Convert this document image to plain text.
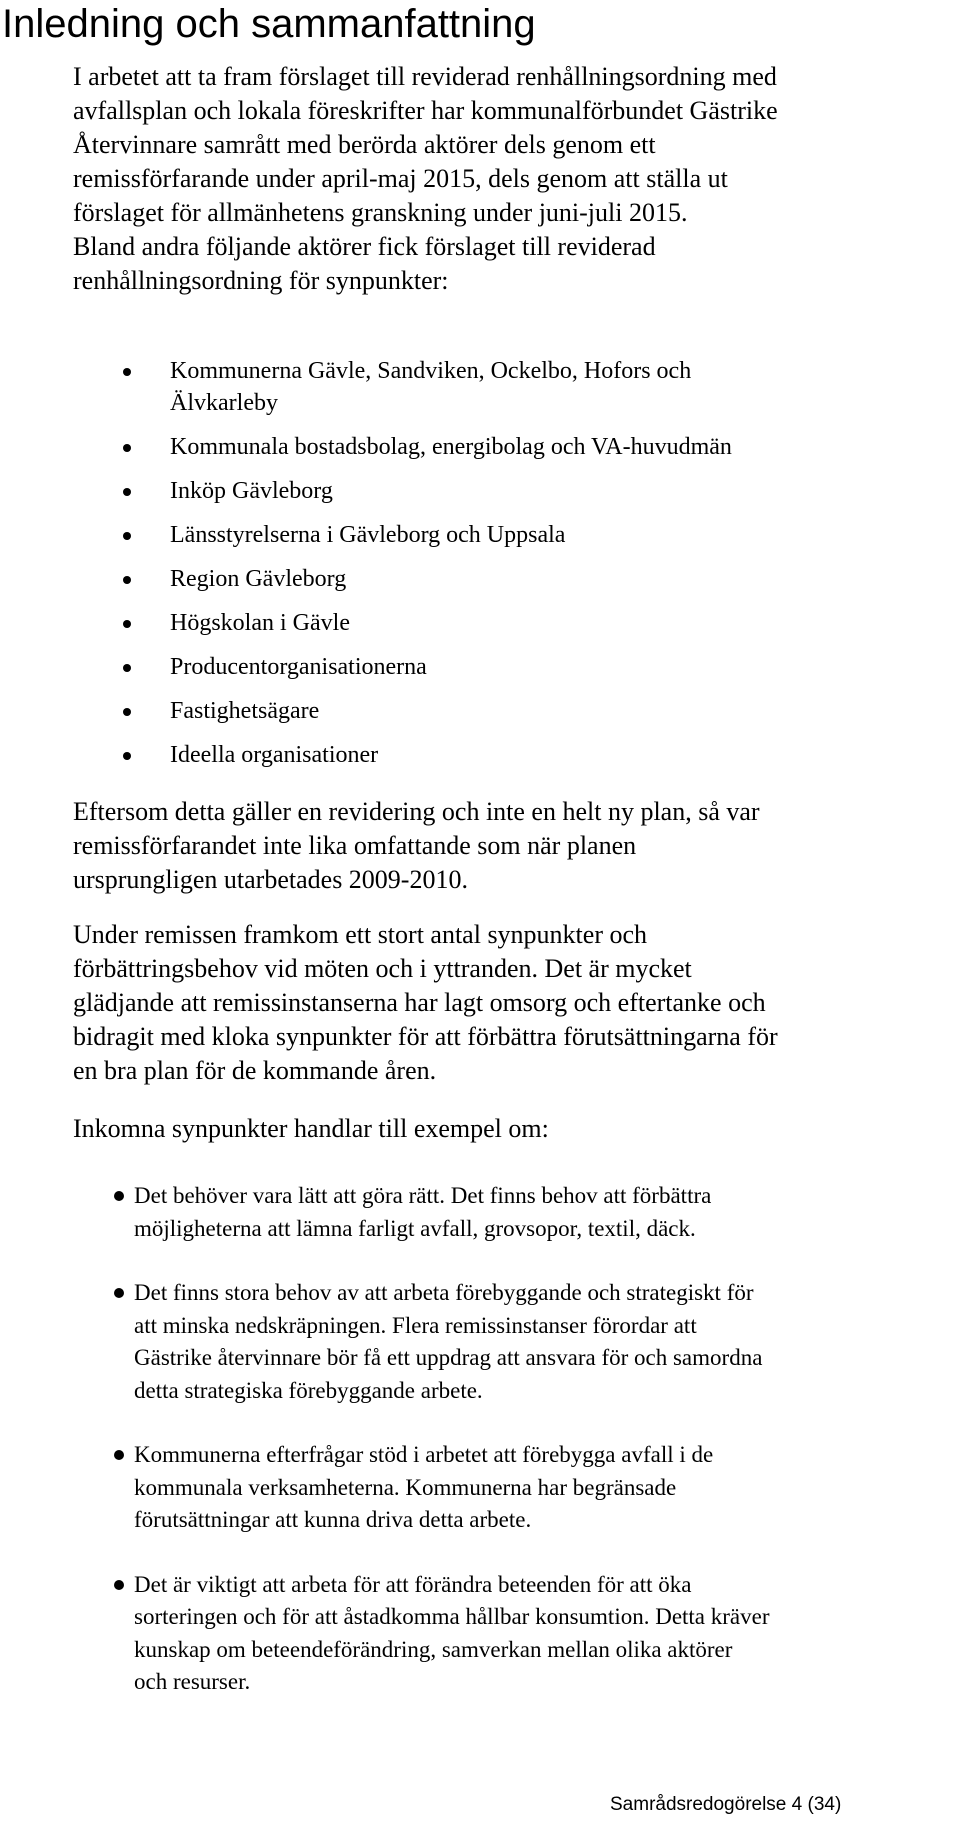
Inledning och sammanfattning

I arbetet att ta fram förslaget till reviderad renhållningsordning med
avfallsplan och lokala föreskrifter har kommunalförbundet Gästrike
Återvinnare samrått med berörda aktörer dels genom ett
remissförfarande under april-maj 2015, dels genom att ställa ut
förslaget för allmänhetens granskning under juni-juli 2015.

Bland andra följande aktörer fick förslaget till reviderad
renhållningsordning för synpunkter:

Kommunerna Gävle, Sandviken, Ockelbo, Hofors och
Älvkarleby
Kommunala bostadsbolag, energibolag och VA-huvudmän
Inköp Gävleborg
Länsstyrelserna i Gävleborg och Uppsala
Region Gävleborg
Högskolan i Gävle
Producentorganisationerna
Fastighetsägare
Ideella organisationer

Eftersom detta gäller en revidering och inte en helt ny plan, så var
remissförfarandet inte lika omfattande som när planen
ursprungligen utarbetades 2009-2010.

Under remissen framkom ett stort antal synpunkter och
förbättringsbehov vid möten och i yttranden. Det är mycket
glädjande att remissinstanserna har lagt omsorg och eftertanke och
bidragit med kloka synpunkter för att förbättra förutsättningarna för
en bra plan för de kommande åren.

Inkomna synpunkter handlar till exempel om:

Det behöver vara lätt att göra rätt. Det finns behov att förbättra
möjligheterna att lämna farligt avfall, grovsopor, textil, däck.
Det finns stora behov av att arbeta förebyggande och strategiskt för
att minska nedskräpningen. Flera remissinstanser förordar att
Gästrike återvinnare bör få ett uppdrag att ansvara för och samordna
detta strategiska förebyggande arbete.
Kommunerna efterfrågar stöd i arbetet att förebygga avfall i de
kommunala verksamheterna. Kommunerna har begränsade
förutsättningar att kunna driva detta arbete.
Det är viktigt att arbeta för att förändra beteenden för att öka
sorteringen och för att åstadkomma hållbar konsumtion. Detta kräver
kunskap om beteendeförändring, samverkan mellan olika aktörer
och resurser.
Samrådsredogörelse 4 (34)
